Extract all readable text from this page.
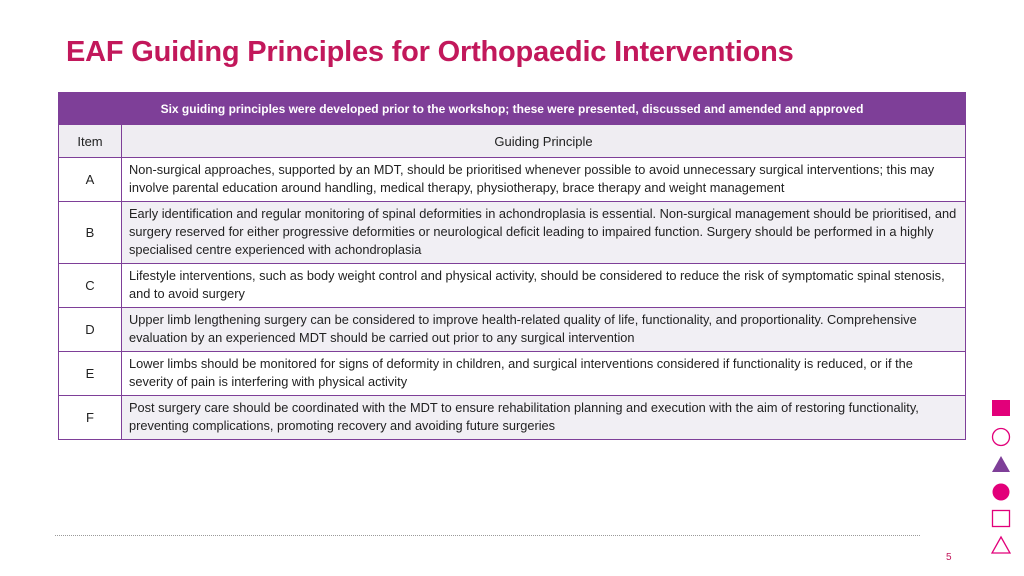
EAF Guiding Principles for Orthopaedic Interventions
Six guiding principles were developed prior to the workshop; these were presented, discussed and amended and approved	
Item	Guiding Principle
A	Non-surgical approaches, supported by an MDT, should be prioritised whenever possible to avoid unnecessary surgical interventions; this may involve parental education around handling, medical therapy, physiotherapy, brace therapy and weight management
B	Early identification and regular monitoring of spinal deformities in achondroplasia is essential. Non-surgical management should be prioritised, and surgery reserved for either progressive deformities or neurological deficit leading to impaired function. Surgery should be performed in a highly specialised centre experienced with achondroplasia
C	Lifestyle interventions, such as body weight control and physical activity, should be considered to reduce the risk of symptomatic spinal stenosis, and to avoid surgery
D	Upper limb lengthening surgery can be considered to improve health-related quality of life, functionality, and proportionality. Comprehensive evaluation by an experienced MDT should be carried out prior to any surgical intervention
E	Lower limbs should be monitored for signs of deformity in children, and surgical interventions considered if functionality is reduced, or if the severity of pain is interfering with physical activity
F	Post surgery care should be coordinated with the MDT to ensure rehabilitation planning and execution with the aim of restoring functionality, preventing complications, promoting recovery and avoiding future surgeries
5
